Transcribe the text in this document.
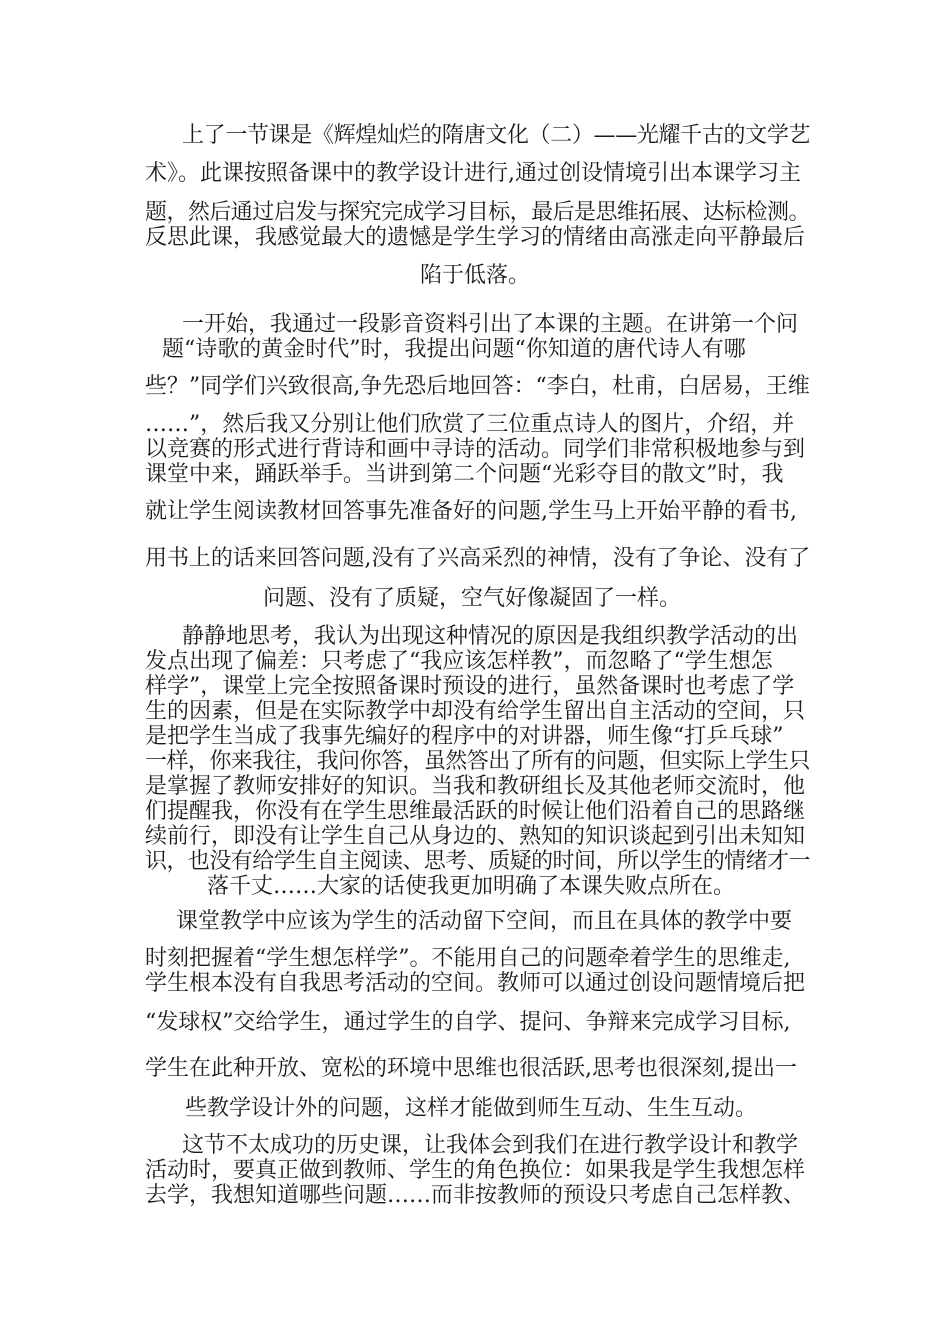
上了一节课是《辉煌灿烂的隋唐文化（二）——光耀千古的文学艺
术》。此课按照备课中的教学设计进行,通过创设情境引出本课学习主
题，然后通过启发与探究完成学习目标，最后是思维拓展、达标检测。
反思此课，我感觉最大的遗憾是学生学习的情绪由高涨走向平静最后
陷于低落。
一开始，我通过一段影音资料引出了本课的主题。在讲第一个问
题“诗歌的黄金时代”时，我提出问题“你知道的唐代诗人有哪
些？”同学们兴致很高,争先恐后地回答：“李白，杜甫，白居易，王维
……”，然后我又分别让他们欣赏了三位重点诗人的图片，介绍，并
以竞赛的形式进行背诗和画中寻诗的活动。同学们非常积极地参与到
课堂中来，踊跃举手。当讲到第二个问题“光彩夺目的散文”时，我
就让学生阅读教材回答事先准备好的问题,学生马上开始平静的看书,
用书上的话来回答问题,没有了兴高采烈的神情，没有了争论、没有了
问题、没有了质疑，空气好像凝固了一样。
静静地思考，我认为出现这种情况的原因是我组织教学活动的出
发点出现了偏差：只考虑了“我应该怎样教”，而忽略了“学生想怎
样学”，课堂上完全按照备课时预设的进行，虽然备课时也考虑了学
生的因素，但是在实际教学中却没有给学生留出自主活动的空间，只
是把学生当成了我事先编好的程序中的对讲器，师生像“打乒乓球”
一样，你来我往，我问你答，虽然答出了所有的问题，但实际上学生只
是掌握了教师安排好的知识。当我和教研组长及其他老师交流时，他
们提醒我，你没有在学生思维最活跃的时候让他们沿着自己的思路继
续前行，即没有让学生自己从身边的、熟知的知识谈起到引出未知知
识，也没有给学生自主阅读、思考、质疑的时间，所以学生的情绪才一
落千丈……大家的话使我更加明确了本课失败点所在。
课堂教学中应该为学生的活动留下空间，而且在具体的教学中要
时刻把握着“学生想怎样学”。不能用自己的问题牵着学生的思维走,
学生根本没有自我思考活动的空间。教师可以通过创设问题情境后把
“发球权”交给学生，通过学生的自学、提问、争辩来完成学习目标,
学生在此种开放、宽松的环境中思维也很活跃,思考也很深刻,提出一
些教学设计外的问题，这样才能做到师生互动、生生互动。
这节不太成功的历史课，让我体会到我们在进行教学设计和教学
活动时，要真正做到教师、学生的角色换位：如果我是学生我想怎样
去学，我想知道哪些问题……而非按教师的预设只考虑自己怎样教、
